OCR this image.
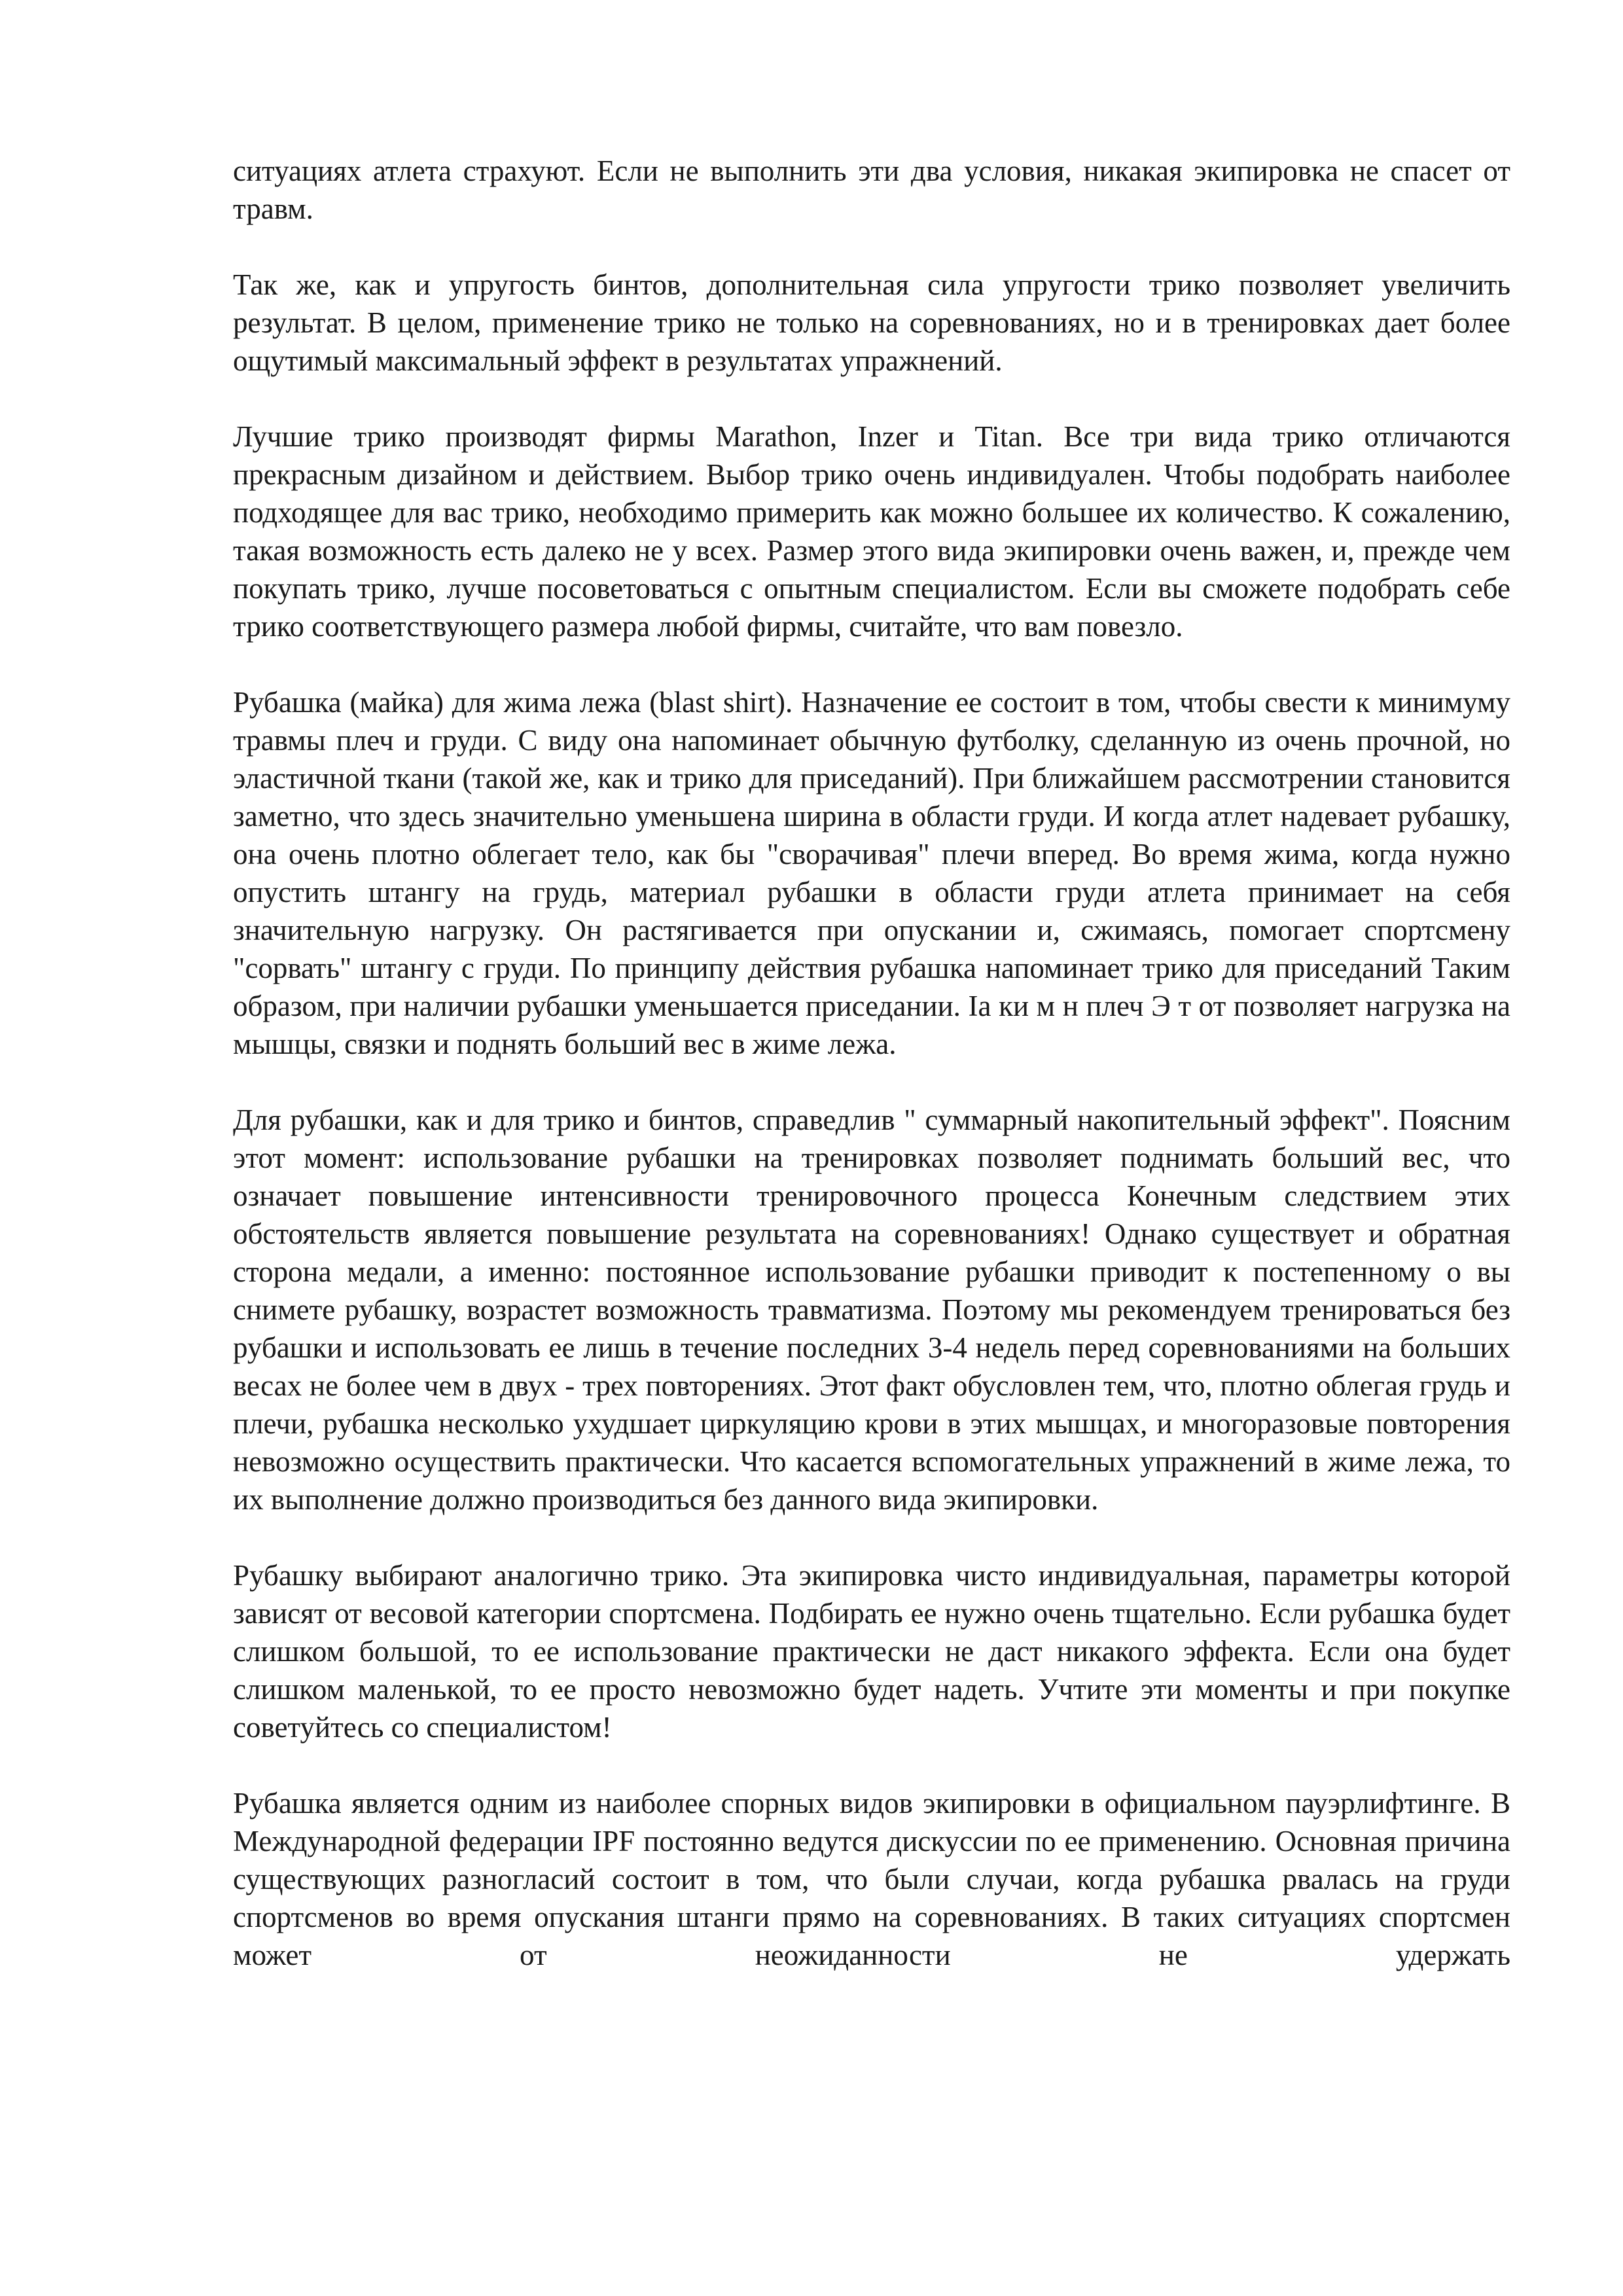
ситуациях атлета страхуют. Если не выполнить эти два условия, никакая экипировка не спасет от травм.

Так же, как и упругость бинтов, дополнительная сила упругости трико позволяет увеличить результат. В целом, применение трико не только на соревнованиях, но и в тренировках дает более ощутимый максимальный эффект в результатах упражнений.

Лучшие трико производят фирмы Marathon, Inzer и Titan. Все три вида трико отличаются прекрасным дизайном и действием. Выбор трико очень индивидуален. Чтобы подобрать наиболее подходящее для вас трико, необходимо примерить как можно большее их количество. К сожалению, такая возможность есть далеко не у всех. Размер этого вида экипировки очень важен, и, прежде чем покупать трико, лучше посоветоваться с опытным специалистом. Если вы сможете подобрать себе трико соответствующего размера любой фирмы, считайте, что вам повезло.

Рубашка (майка) для жима лежа (blast shirt). Назначение ее состоит в том, чтобы свести к минимуму травмы плеч и груди. С виду она напоминает обычную футболку, сделанную из очень прочной, но эластичной ткани (такой же, как и трико для приседаний). При ближайшем рассмотрении становится заметно, что здесь значительно уменьшена ширина в области груди. И когда атлет надевает рубашку, она очень плотно облегает тело, как бы "сворачивая" плечи вперед. Во время жима, когда нужно опустить штангу на грудь, материал рубашки в области груди атлета принимает на себя значительную нагрузку. Он растягивается при опускании и, сжимаясь, помогает спортсмену "сорвать" штангу с груди. По принципу действия рубашка напоминает трико для приседаний Таким образом, при наличии рубашки уменьшается приседании. Іа ки м н плеч Э т от позволяет нагрузка на мышцы, связки и поднять больший вес в жиме лежа.

Для рубашки, как и для трико и бинтов, справедлив " суммарный накопительный эффект". Поясним этот момент: использование рубашки на тренировках позволяет поднимать больший вес, что означает повышение интенсивности тренировочного процесса Конечным следствием этих обстоятельств является повышение результата на соревнованиях! Однако существует и обратная сторона медали, а именно: постоянное использование рубашки приводит к постепенному о вы снимете рубашку, возрастет возможность травматизма. Поэтому мы рекомендуем тренироваться без рубашки и использовать ее лишь в течение последних 3-4 недель перед соревнованиями на больших весах не более чем в двух - трех повторениях. Этот факт обусловлен тем, что, плотно облегая грудь и плечи, рубашка несколько ухудшает циркуляцию крови в этих мышцах, и многоразовые повторения невозможно осуществить практически. Что касается вспомогательных упражнений в жиме лежа, то их выполнение должно производиться без данного вида экипировки.

Рубашку выбирают аналогично трико. Эта экипировка чисто индивидуальная, параметры которой зависят от весовой категории спортсмена. Подбирать ее нужно очень тщательно. Если рубашка будет слишком большой, то ее использование практически не даст никакого эффекта. Если она будет слишком маленькой, то ее просто невозможно будет надеть. Учтите эти моменты и при покупке советуйтесь со специалистом!

Рубашка является одним из наиболее спорных видов экипировки в официальном пауэрлифтинге. В Международной федерации IPF постоянно ведутся дискуссии по ее применению. Основная причина существующих разногласий состоит в том, что были случаи, когда рубашка рвалась на груди спортсменов во время опускания штанги прямо на соревнованиях. В таких ситуациях спортсмен может от неожиданности не удержать
